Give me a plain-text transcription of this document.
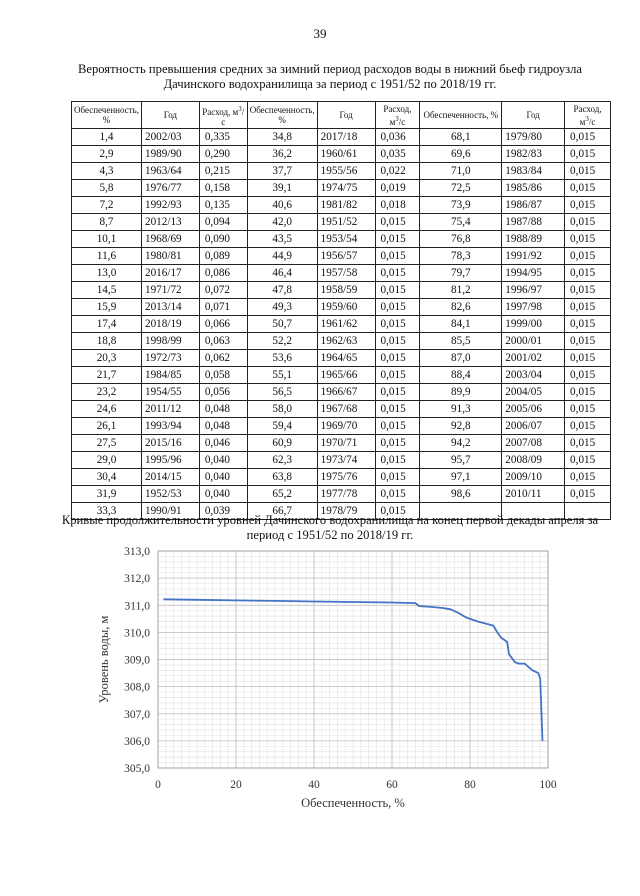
39
Вероятность превышения средних за зимний период расходов воды в нижний бьеф гидроузла Дачинского водохранилища за период с 1951/52 по 2018/19 гг.
Обеспеченность, %	Год	Расход, $м^3/с$	Обеспеченность, %	Год	Расход, $м^3/с$	Обеспеченность, %	Год	Расход, $м^3/с$
1,4	2002/03	0,335	34,8	2017/18	0,036	68,1	1979/80	0,015
2,9	1989/90	0,290	36,2	1960/61	0,035	69,6	1982/83	0,015
4,3	1963/64	0,215	37,7	1955/56	0,022	71,0	1983/84	0,015
5,8	1976/77	0,158	39,1	1974/75	0,019	72,5	1985/86	0,015
7,2	1992/93	0,135	40,6	1981/82	0,018	73,9	1986/87	0,015
8,7	2012/13	0,094	42,0	1951/52	0,015	75,4	1987/88	0,015
10,1	1968/69	0,090	43,5	1953/54	0,015	76,8	1988/89	0,015
11,6	1980/81	0,089	44,9	1956/57	0,015	78,3	1991/92	0,015
13,0	2016/17	0,086	46,4	1957/58	0,015	79,7	1994/95	0,015
14,5	1971/72	0,072	47,8	1958/59	0,015	81,2	1996/97	0,015
15,9	2013/14	0,071	49,3	1959/60	0,015	82,6	1997/98	0,015
17,4	2018/19	0,066	50,7	1961/62	0,015	84,1	1999/00	0,015
18,8	1998/99	0,063	52,2	1962/63	0,015	85,5	2000/01	0,015
20,3	1972/73	0,062	53,6	1964/65	0,015	87,0	2001/02	0,015
21,7	1984/85	0,058	55,1	1965/66	0,015	88,4	2003/04	0,015
23,2	1954/55	0,056	56,5	1966/67	0,015	89,9	2004/05	0,015
24,6	2011/12	0,048	58,0	1967/68	0,015	91,3	2005/06	0,015
26,1	1993/94	0,048	59,4	1969/70	0,015	92,8	2006/07	0,015
27,5	2015/16	0,046	60,9	1970/71	0,015	94,2	2007/08	0,015
29,0	1995/96	0,040	62,3	1973/74	0,015	95,7	2008/09	0,015
30,4	2014/15	0,040	63,8	1975/76	0,015	97,1	2009/10	0,015
31,9	1952/53	0,040	65,2	1977/78	0,015	98,6	2010/11	0,015
33,3	1990/91	0,039	66,7	1978/79	0,015			
Кривые продолжительности уровней Дачинского водохранилища на конец первой декады апреля за период с 1951/52 по 2018/19 гг.
305,0
306,0
307,0
308,0
309,0
310,0
311,0
312,0
313,0
0	20	40	60	80	100
Обеспеченность, %
Уровень воды, м
